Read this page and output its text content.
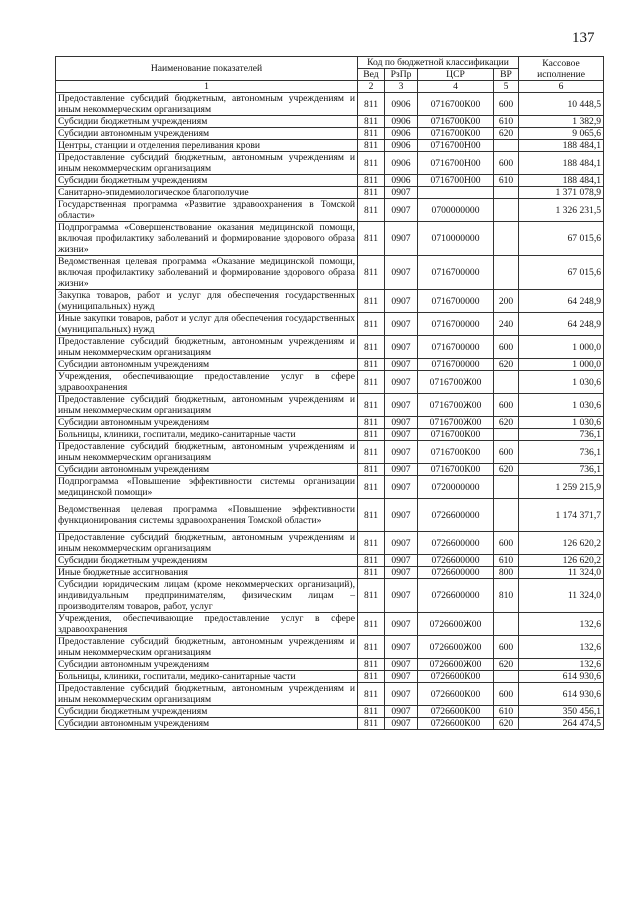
137
Наименование показателей	Код по бюджетной классификации				Кассовое исполнение
	Вед	РзПр	ЦСР	ВР	
1	2	3	4	5	6
Предоставление субсидий бюджетным, автономным учреждениям и иным некоммерческим организациям	811	0906	0716700К00	600	10 448,5
Субсидии бюджетным учреждениям	811	0906	0716700К00	610	1 382,9
Субсидии автономным учреждениям	811	0906	0716700К00	620	9 065,6
Центры, станции и отделения переливания крови	811	0906	0716700Н00		188 484,1
Предоставление субсидий бюджетным, автономным учреждениям и иным некоммерческим организациям	811	0906	0716700Н00	600	188 484,1
Субсидии бюджетным учреждениям	811	0906	0716700Н00	610	188 484,1
Санитарно-эпидемиологическое благополучие	811	0907			1 371 078,9
Государственная программа «Развитие здравоохранения в Томской области»	811	0907	0700000000		1 326 231,5
Подпрограмма «Совершенствование оказания медицинской помощи, включая профилактику заболеваний и формирование здорового образа жизни»	811	0907	0710000000		67 015,6
Ведомственная целевая программа «Оказание медицинской помощи, включая профилактику заболеваний и формирование здорового образа жизни»	811	0907	0716700000		67 015,6
Закупка товаров, работ и услуг для обеспечения государственных (муниципальных) нужд	811	0907	0716700000	200	64 248,9
Иные закупки товаров, работ и услуг для обеспечения государственных (муниципальных) нужд	811	0907	0716700000	240	64 248,9
Предоставление субсидий бюджетным, автономным учреждениям и иным некоммерческим организациям	811	0907	0716700000	600	1 000,0
Субсидии автономным учреждениям	811	0907	0716700000	620	1 000,0
Учреждения, обеспечивающие предоставление услуг в сфере здравоохранения	811	0907	0716700Ж00		1 030,6
Предоставление субсидий бюджетным, автономным учреждениям и иным некоммерческим организациям	811	0907	0716700Ж00	600	1 030,6
Субсидии автономным учреждениям	811	0907	0716700Ж00	620	1 030,6
Больницы, клиники, госпитали, медико-санитарные части	811	0907	0716700К00		736,1
Предоставление субсидий бюджетным, автономным учреждениям и иным некоммерческим организациям	811	0907	0716700К00	600	736,1
Субсидии автономным учреждениям	811	0907	0716700К00	620	736,1
Подпрограмма «Повышение эффективности системы организации медицинской помощи»	811	0907	0720000000		1 259 215,9
Ведомственная целевая программа «Повышение эффективности функционирования системы здравоохранения Томской области»	811	0907	0726600000		1 174 371,7
Предоставление субсидий бюджетным, автономным учреждениям и иным некоммерческим организациям	811	0907	0726600000	600	126 620,2
Субсидии бюджетным учреждениям	811	0907	0726600000	610	126 620,2
Иные бюджетные ассигнования	811	0907	0726600000	800	11 324,0
Субсидии юридическим лицам (кроме некоммерческих организаций), индивидуальным предпринимателям, физическим лицам – производителям товаров, работ, услуг	811	0907	0726600000	810	11 324,0
Учреждения, обеспечивающие предоставление услуг в сфере здравоохранения	811	0907	0726600Ж00		132,6
Предоставление субсидий бюджетным, автономным учреждениям и иным некоммерческим организациям	811	0907	0726600Ж00	600	132,6
Субсидии автономным учреждениям	811	0907	0726600Ж00	620	132,6
Больницы, клиники, госпитали, медико-санитарные части	811	0907	0726600К00		614 930,6
Предоставление субсидий бюджетным, автономным учреждениям и иным некоммерческим организациям	811	0907	0726600К00	600	614 930,6
Субсидии бюджетным учреждениям	811	0907	0726600К00	610	350 456,1
Субсидии автономным учреждениям	811	0907	0726600К00	620	264 474,5
